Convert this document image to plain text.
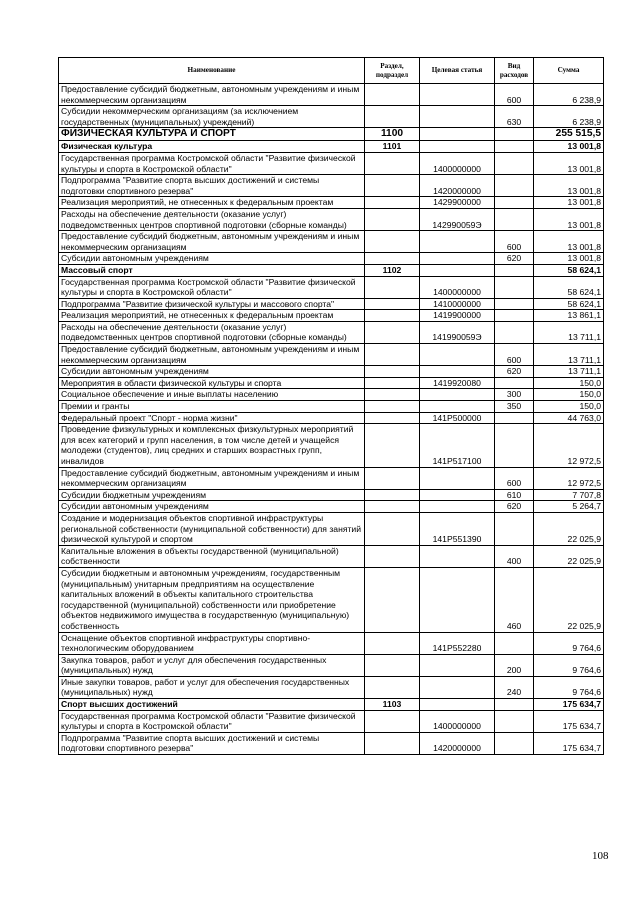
Наименование	Раздел, подраздел	Целевая статья	Вид расходов	Сумма
Предоставление субсидий бюджетным, автономным учреждениям и иным некоммерческим организациям			600	6 238,9
Субсидии некоммерческим организациям (за исключением государственных (муниципальных) учреждений)			630	6 238,9
ФИЗИЧЕСКАЯ КУЛЬТУРА И СПОРТ	1100			255 515,5
Физическая культура	1101			13 001,8
Государственная программа Костромской области "Развитие физической культуры и спорта в Костромской области"		1400000000		13 001,8
Подпрограмма "Развитие спорта высших достижений и системы подготовки спортивного резерва"		1420000000		13 001,8
Реализация мероприятий, не отнесенных к федеральным проектам		1429900000		13 001,8
Расходы на обеспечение деятельности (оказание услуг) подведомственных центров спортивной подготовки (сборные команды)		142990059Э		13 001,8
Предоставление субсидий бюджетным, автономным учреждениям и иным некоммерческим организациям			600	13 001,8
Субсидии автономным учреждениям			620	13 001,8
Массовый спорт	1102			58 624,1
Государственная программа Костромской области "Развитие физической культуры и спорта в Костромской области"		1400000000		58 624,1
Подпрограмма "Развитие физической культуры и массового спорта"		1410000000		58 624,1
Реализация мероприятий, не отнесенных к федеральным проектам		1419900000		13 861,1
Расходы на обеспечение деятельности (оказание услуг) подведомственных центров спортивной подготовки (сборные команды)		141990059Э		13 711,1
Предоставление субсидий бюджетным, автономным учреждениям и иным некоммерческим организациям			600	13 711,1
Субсидии автономным учреждениям			620	13 711,1
Мероприятия в области физической культуры и спорта		1419920080		150,0
Социальное обеспечение и иные выплаты населению			300	150,0
Премии и гранты			350	150,0
Федеральный проект "Спорт - норма жизни"		141P500000		44 763,0
Проведение физкультурных и комплексных физкультурных мероприятий для всех категорий и групп населения, в том числе детей и учащейся молодежи (студентов), лиц средних и старших возрастных групп, инвалидов		141P517100		12 972,5
Предоставление субсидий бюджетным, автономным учреждениям и иным некоммерческим организациям			600	12 972,5
Субсидии бюджетным учреждениям			610	7 707,8
Субсидии автономным учреждениям			620	5 264,7
Создание и модернизация объектов спортивной инфраструктуры региональной собственности (муниципальной собственности) для занятий физической культурой и спортом		141P551390		22 025,9
Капитальные вложения в объекты государственной (муниципальной) собственности			400	22 025,9
Субсидии бюджетным и автономным учреждениям, государственным (муниципальным) унитарным предприятиям на осуществление капитальных вложений в объекты капитального строительства государственной (муниципальной) собственности или приобретение объектов недвижимого имущества в государственную (муниципальную) собственность			460	22 025,9
Оснащение объектов спортивной инфраструктуры спортивно-технологическим оборудованием		141P552280		9 764,6
Закупка товаров, работ и услуг для обеспечения государственных (муниципальных) нужд			200	9 764,6
Иные закупки товаров, работ и услуг для обеспечения государственных (муниципальных) нужд			240	9 764,6
Спорт высших достижений	1103			175 634,7
Государственная программа Костромской области "Развитие физической культуры и спорта в Костромской области"		1400000000		175 634,7
Подпрограмма "Развитие спорта высших достижений и системы подготовки спортивного резерва"		1420000000		175 634,7
108
